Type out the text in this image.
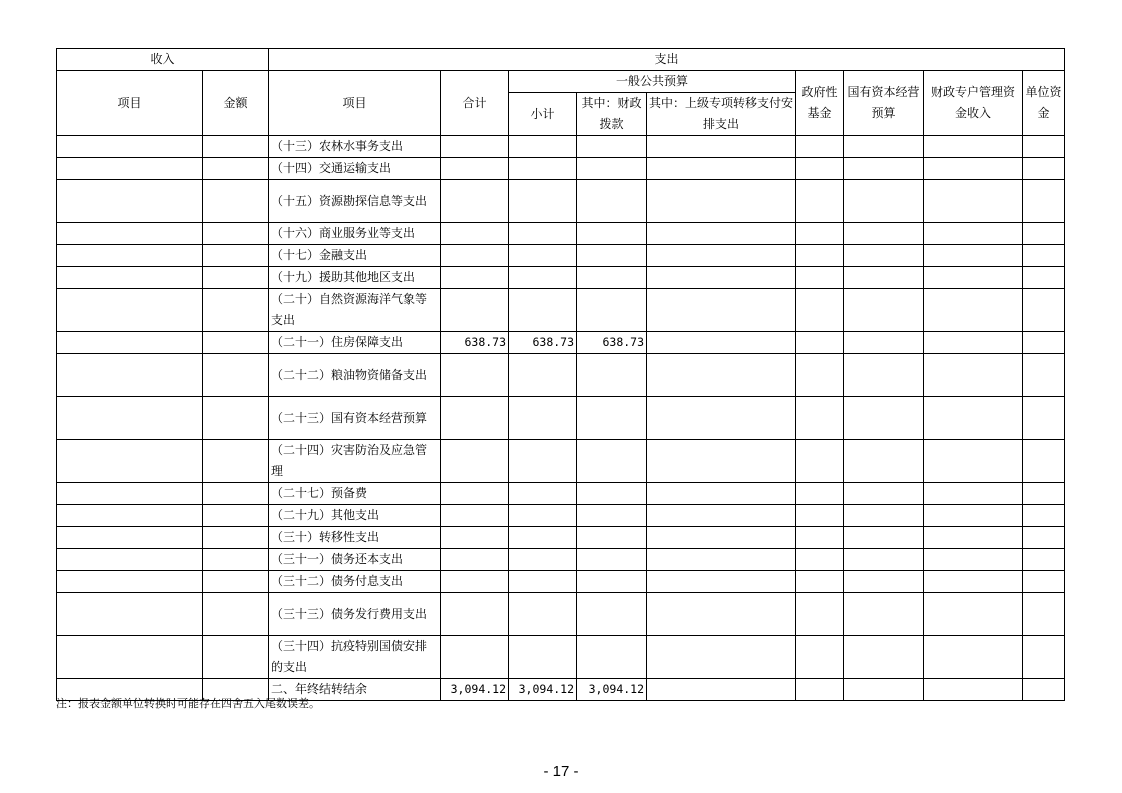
收入		支出								
项目	金额	项目	合计	一般公共预算			政府性基金	国有资本经营预算	财政专户管理资金收入	单位资金
				小计	其中：财政拨款	其中：上级专项转移支付安排支出				
		（十三）农林水事务支出								
		（十四）交通运输支出								
		（十五）资源勘探信息等支出								
		（十六）商业服务业等支出								
		（十七）金融支出								
		（十九）援助其他地区支出								
		（二十）自然资源海洋气象等支出								
		（二十一）住房保障支出	638.73	638.73	638.73					
		（二十二）粮油物资储备支出								
		（二十三）国有资本经营预算								
		（二十四）灾害防治及应急管理								
		（二十七）预备费								
		（二十九）其他支出								
		（三十）转移性支出								
		（三十一）债务还本支出								
		（三十二）债务付息支出								
		（三十三）债务发行费用支出								
		（三十四）抗疫特别国债安排的支出								
		二、年终结转结余	3,094.12	3,094.12	3,094.12					
注：报表金额单位转换时可能存在四舍五入尾数误差。
- 17 -
